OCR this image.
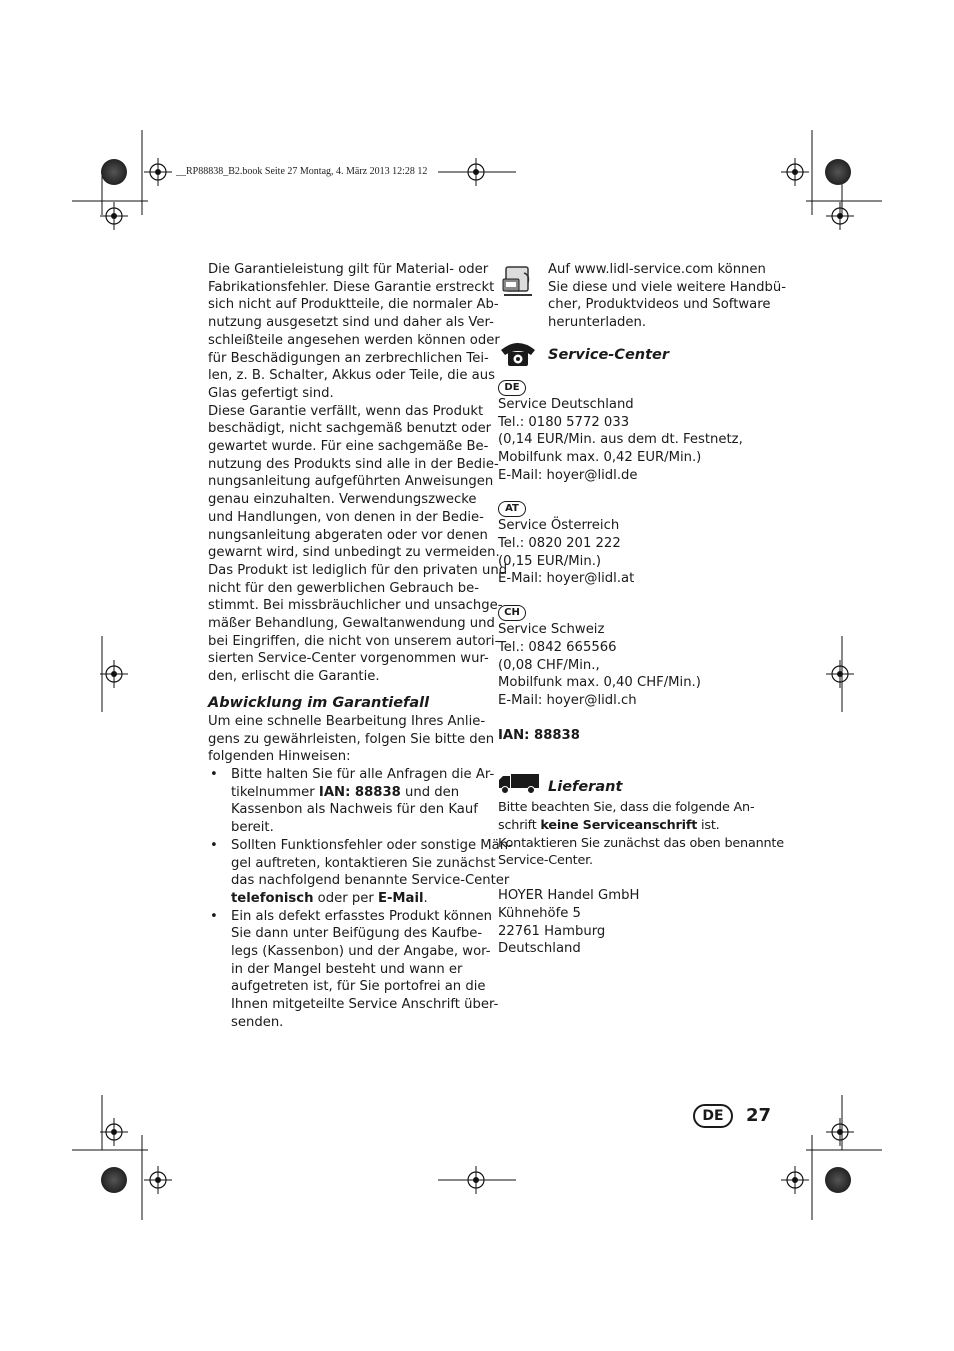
__RP88838_B2.book Seite 27 Montag, 4. März 2013 12:28 12
Die Garantieleistung gilt für Material- oder
Fabrikationsfehler. Diese Garantie erstreckt
sich nicht auf Produktteile, die normaler Ab-
nutzung ausgesetzt sind und daher als Ver-
schleißteile angesehen werden können oder
für Beschädigungen an zerbrechlichen Tei-
len, z. B. Schalter, Akkus oder Teile, die aus
Glas gefertigt sind.
Diese Garantie verfällt, wenn das Produkt
beschädigt, nicht sachgemäß benutzt oder
gewartet wurde. Für eine sachgemäße Be-
nutzung des Produkts sind alle in der Bedie-
nungsanleitung aufgeführten Anweisungen
genau einzuhalten. Verwendungszwecke
und Handlungen, von denen in der Bedie-
nungsanleitung abgeraten oder vor denen
gewarnt wird, sind unbedingt zu vermeiden.
Das Produkt ist lediglich für den privaten und
nicht für den gewerblichen Gebrauch be-
stimmt. Bei missbräuchlicher und unsachge-
mäßer Behandlung, Gewaltanwendung und
bei Eingriffen, die nicht von unserem autori-
sierten Service-Center vorgenommen wur-
den, erlischt die Garantie.
Abwicklung im Garantiefall
Um eine schnelle Bearbeitung Ihres Anlie-
gens zu gewährleisten, folgen Sie bitte den
folgenden Hinweisen:
• Bitte halten Sie für alle Anfragen die Ar-
tikelnummer IAN: 88838 und den
Kassenbon als Nachweis für den Kauf
bereit.
• Sollten Funktionsfehler oder sonstige Män-
gel auftreten, kontaktieren Sie zunächst
das nachfolgend benannte Service-Center
telefonisch oder per E-Mail.
• Ein als defekt erfasstes Produkt können
Sie dann unter Beifügung des Kaufbe-
legs (Kassenbon) und der Angabe, wor-
in der Mangel besteht und wann er
aufgetreten ist, für Sie portofrei an die
Ihnen mitgeteilte Service Anschrift über-
senden.
Auf www.lidl-service.com können
Sie diese und viele weitere Handbü-
cher, Produktvideos und Software
herunterladen.
Service-Center
DE
Service Deutschland
Tel.: 0180 5772 033
(0,14 EUR/Min. aus dem dt. Festnetz,
Mobilfunk max. 0,42 EUR/Min.)
E-Mail: hoyer@lidl.de
AT
Service Österreich
Tel.: 0820 201 222
(0,15 EUR/Min.)
E-Mail: hoyer@lidl.at
CH
Service Schweiz
Tel.: 0842 665566
(0,08 CHF/Min.,
Mobilfunk max. 0,40 CHF/Min.)
E-Mail: hoyer@lidl.ch
IAN: 88838
Lieferant
Bitte beachten Sie, dass die folgende An-
schrift keine Serviceanschrift ist.
Kontaktieren Sie zunächst das oben benannte
Service-Center.
HOYER Handel GmbH
Kühnehöfe 5
22761 Hamburg
Deutschland
DE	27
